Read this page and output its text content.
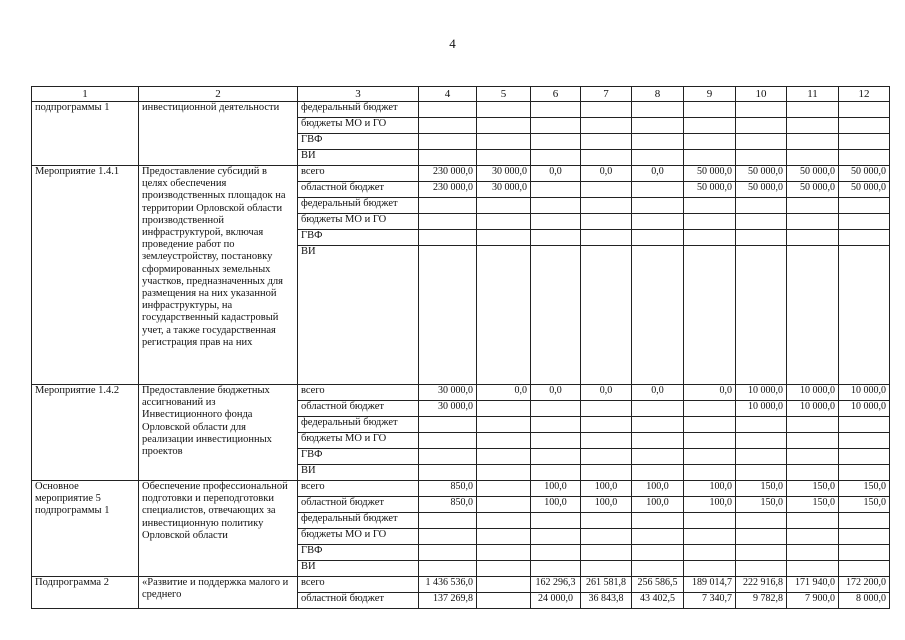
4
1	2	3	4	5	6	7	8	9	10	11	12
подпрограммы 1	инвестиционной деятельности	федеральный бюджет									
		бюджеты МО и ГО									
		ГВФ									
		ВИ									
Мероприятие 1.4.1	Предоставление субсидий в целях обеспечения производственных площадок на территории Орловской области производственной инфраструктурой, включая проведение работ по землеустройству, постановку сформированных земельных участков, предназначенных для размещения на них указанной инфраструктуры, на государственный кадастровый учет, а также государственная регистрация прав на них	всего	230 000,0	30 000,0	0,0	0,0	0,0	50 000,0	50 000,0	50 000,0	50 000,0
		областной бюджет	230 000,0	30 000,0				50 000,0	50 000,0	50 000,0	50 000,0
		федеральный бюджет									
		бюджеты МО и ГО									
		ГВФ									
		ВИ									
Мероприятие 1.4.2	Предоставление бюджетных ассигнований из Инвестиционного фонда Орловской области для реализации инвестиционных проектов	всего	30 000,0	0,0	0,0	0,0	0,0	0,0	10 000,0	10 000,0	10 000,0
		областной бюджет	30 000,0						10 000,0	10 000,0	10 000,0
		федеральный бюджет									
		бюджеты МО и ГО									
		ГВФ									
		ВИ									
Основное мероприятие 5 подпрограммы 1	Обеспечение профессиональной подготовки и переподготовки специалистов, отвечающих за инвестиционную политику Орловской области	всего	850,0		100,0	100,0	100,0	100,0	150,0	150,0	150,0
		областной бюджет	850,0		100,0	100,0	100,0	100,0	150,0	150,0	150,0
		федеральный бюджет									
		бюджеты МО и ГО									
		ГВФ									
		ВИ									
Подпрограмма 2	«Развитие и поддержка малого и среднего	всего	1 436 536,0		162 296,3	261 581,8	256 586,5	189 014,7	222 916,8	171 940,0	172 200,0
		областной бюджет	137 269,8		24 000,0	36 843,8	43 402,5	7 340,7	9 782,8	7 900,0	8 000,0
